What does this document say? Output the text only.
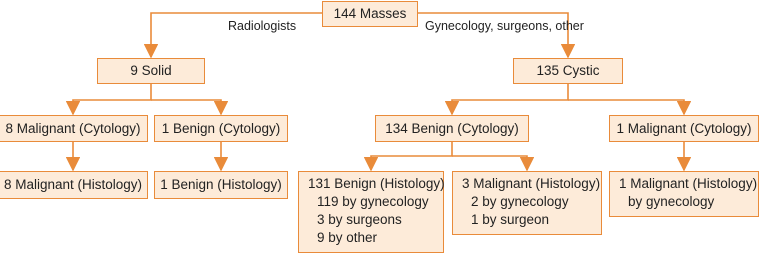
Radiologists	Gynecology, surgeons, other
144 Masses
9 Solid	135 Cystic
8 Malignant (Cytology)	1 Benign (Cytology)	134 Benign (Cytology)	1 Malignant (Cytology)
8 Malignant (Histology)	1 Benign (Histology)	131 Benign (Histology)
119 by gynecology
3 by surgeons
9 by other
3 Malignant (Histology)
2 by gynecology
1 by surgeon
1 Malignant (Histology)
by gynecology
